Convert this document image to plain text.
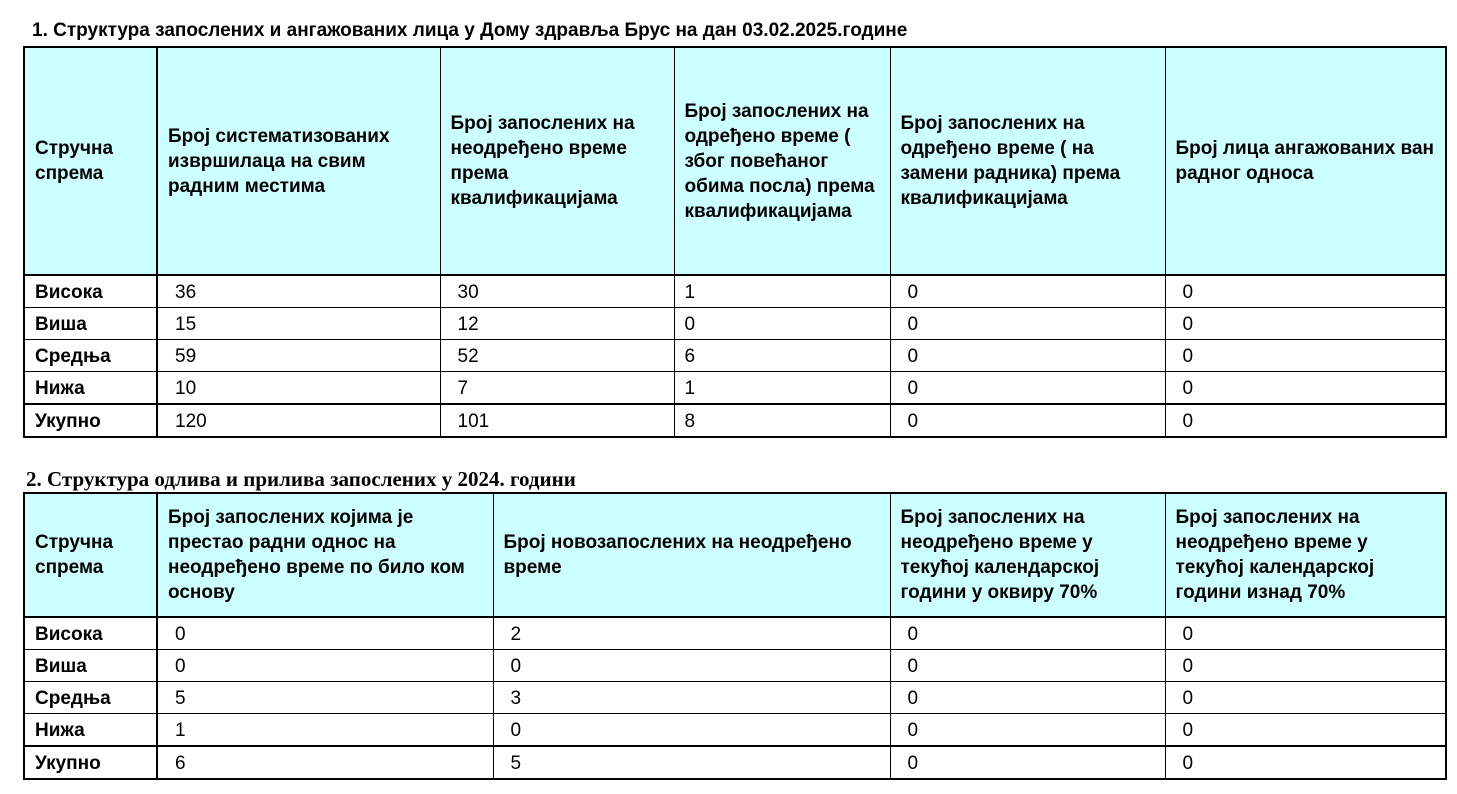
1. Структура запослених и ангажованих лица у Дому здравља Брус на дан 03.02.2025.године
Стручна спрема	Број систематизованих извршилаца на свим радним местима	Број запослених на неодређено време према квалификацијама	Број запослених на одређено време ( због повећаног обима посла) према квалификацијама	Број запослених на одређено време ( на замени радника) према квалификацијама	Број лица ангажованих ван радног односа
Висока	36	30	1	0	0
Виша	15	12	0	0	0
Средња	59	52	6	0	0
Нижа	10	7	1	0	0
Укупно	120	101	8	0	0
2. Структура одлива и прилива запослених у 2024. години
Стручна спрема	Број запослених којима је престао радни однос на неодређено време по било ком основу	Број новозапослених на неодређено време	Број запослених на неодређено време у текућој календарској години у оквиру 70%	Број запослених на неодређено време у текућој календарској години изнад 70%
Висока	0	2	0	0
Виша	0	0	0	0
Средња	5	3	0	0
Нижа	1	0	0	0
Укупно	6	5	0	0
